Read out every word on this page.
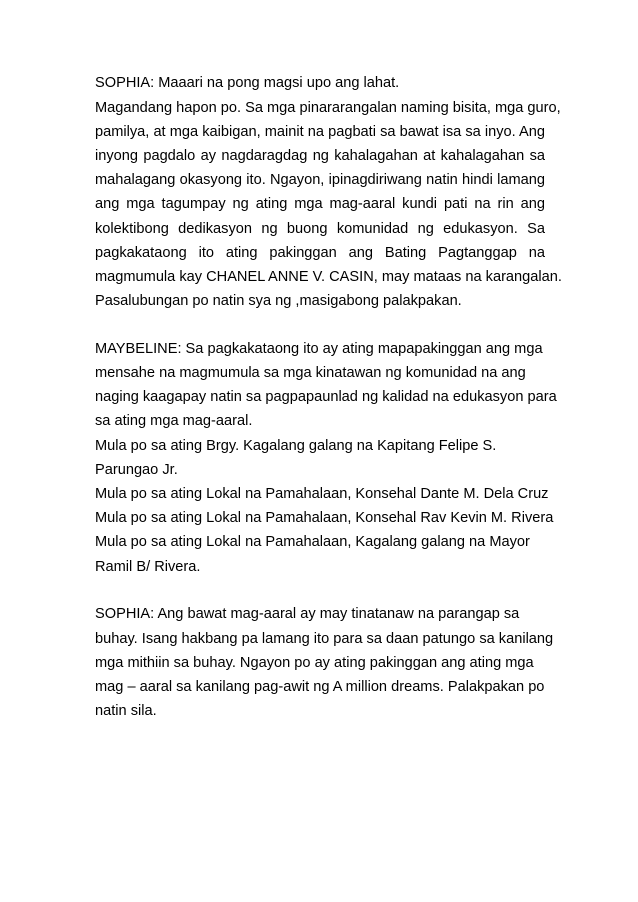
SOPHIA: Maaari na pong magsi upo ang lahat.
Magandang hapon po. Sa mga pinararangalan naming bisita, mga guro,
pamilya, at mga kaibigan, mainit na pagbati sa bawat isa sa inyo. Ang
inyong pagdalo ay nagdaragdag ng kahalagahan at kahalagahan sa
mahalagang okasyong ito. Ngayon, ipinagdiriwang natin hindi lamang
ang mga tagumpay ng ating mga mag-aaral kundi pati na rin ang
kolektibong dedikasyon ng buong komunidad ng edukasyon. Sa
pagkakataong ito ating pakinggan ang Bating Pagtanggap na
magmumula kay CHANEL ANNE V. CASIN, may mataas na karangalan.
Pasalubungan po natin sya ng ,masigabong palakpakan.
MAYBELINE: Sa pagkakataong ito ay ating mapapakinggan ang mga
mensahe na magmumula sa mga kinatawan ng komunidad na ang
naging kaagapay natin sa pagpapaunlad ng kalidad na edukasyon para
sa ating mga mag-aaral.
Mula po sa ating Brgy. Kagalang galang na Kapitang Felipe S.
Parungao Jr.
Mula po sa ating Lokal na Pamahalaan, Konsehal Dante M. Dela Cruz
Mula po sa ating Lokal na Pamahalaan, Konsehal Rav Kevin M. Rivera
Mula po sa ating Lokal na Pamahalaan, Kagalang galang na Mayor
Ramil B/ Rivera.
SOPHIA: Ang bawat mag-aaral ay may tinatanaw na parangap sa
buhay. Isang hakbang pa lamang ito para sa daan patungo sa kanilang
mga mithiin sa buhay. Ngayon po ay ating pakinggan ang ating mga
mag – aaral sa kanilang pag-awit ng A million dreams. Palakpakan po
natin sila.
